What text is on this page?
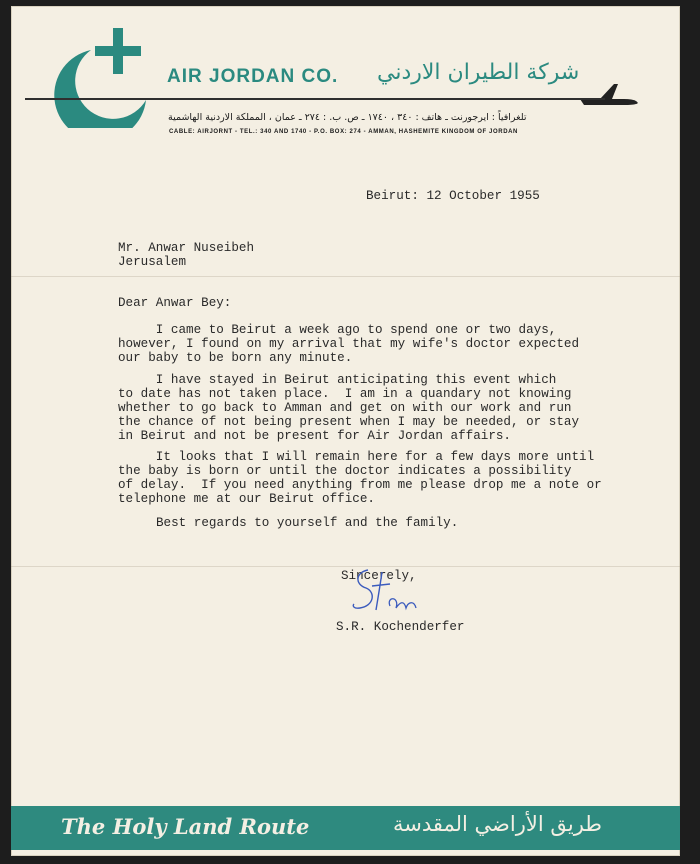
AIR JORDAN CO. شركة الطيران الاردني
تلغرافياً : ايرجورنت ـ هاتف : ٣٤٠ ، ١٧٤٠ ـ ص. ب. : ٢٧٤ ـ عمان ، المملكة الاردنية الهاشمية
CABLE: AIRJORNT - TEL.: 340 AND 1740 - P.O. BOX: 274 - AMMAN, HASHEMITE KINGDOM OF JORDAN
Beirut: 12 October 1955
Mr. Anwar Nuseibeh
Jerusalem
Dear Anwar Bey:
I came to Beirut a week ago to spend one or two days,
however, I found on my arrival that my wife's doctor expected
our baby to be born any minute.
I have stayed in Beirut anticipating this event which
to date has not taken place.  I am in a quandary not knowing
whether to go back to Amman and get on with our work and run
the chance of not being present when I may be needed, or stay
in Beirut and not be present for Air Jordan affairs.
It looks that I will remain here for a few days more until
the baby is born or until the doctor indicates a possibility
of delay.  If you need anything from me please drop me a note or
telephone me at our Beirut office.
Best regards to yourself and the family.
Sincerely,
S.R. Kochenderfer
The Holy Land Route	طريق الأراضي المقدسة
